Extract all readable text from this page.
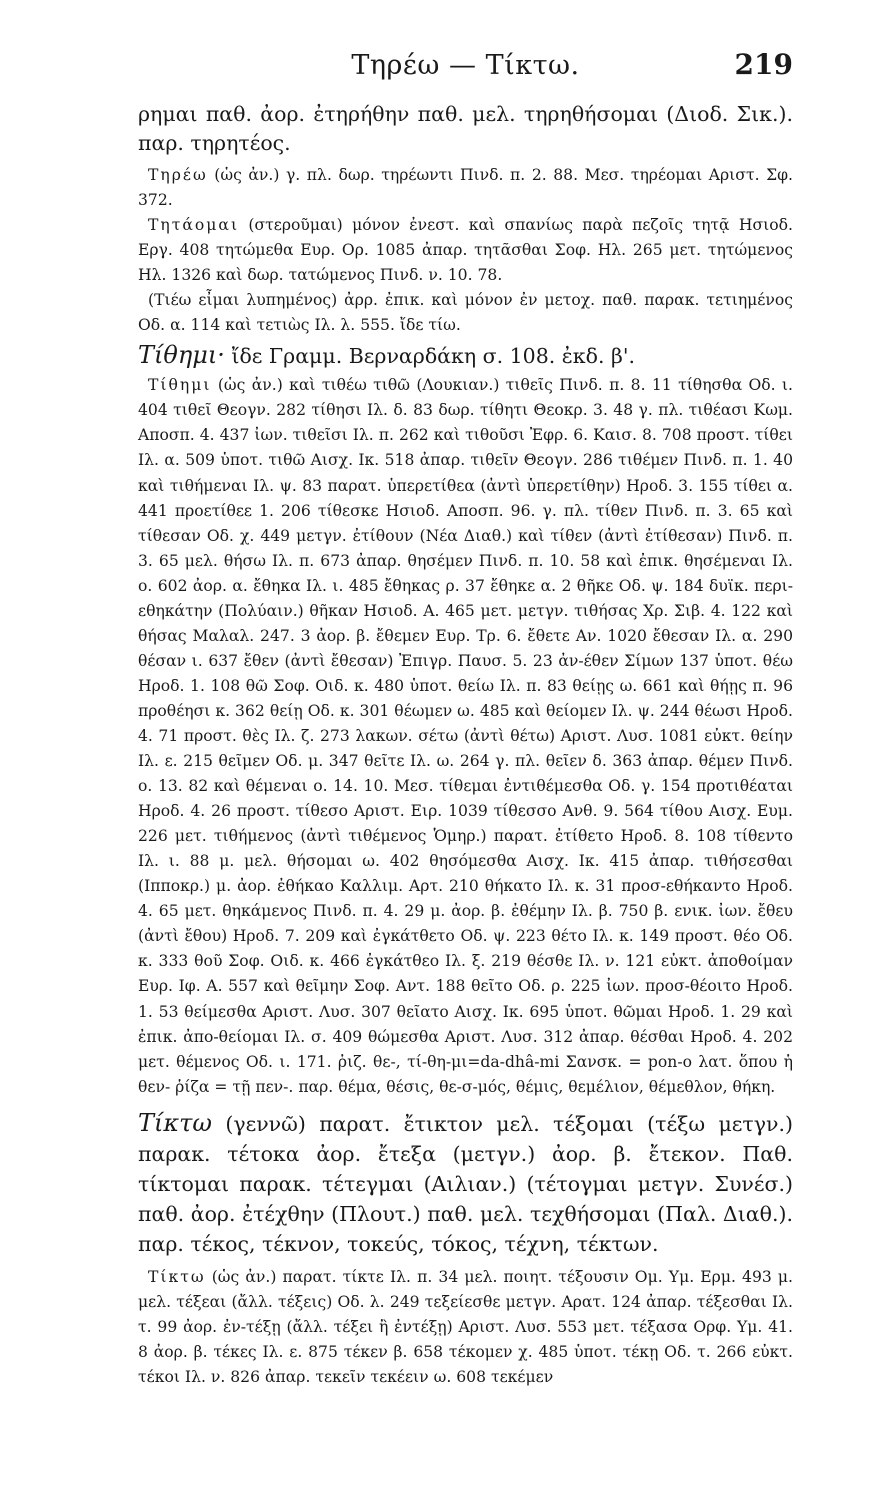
Τηρέω — Τίκτω.	219

ρημαι παθ. ἀορ. ἐτηρήθην παθ. μελ. τηρηθήσομαι (Διοδ. Σικ.). παρ. τηρητέος.

Τηρέω (ὡς ἀν.) γ. πλ. δωρ. τηρέωντι Πινδ. π. 2. 88. Μεσ. τηρέομαι Αριστ. Σφ. 372.

Τητάομαι (στεροῦμαι) μόνον ἐνεστ. καὶ σπανίως παρὰ πεζοῖς τητᾷ Ησιοδ. Εργ. 408 τητώμεθα Ευρ. Ορ. 1085 ἀπαρ. τητᾶσθαι Σοφ. Ηλ. 265 μετ. τητώμενος Ηλ. 1326 καὶ δωρ. τατώμενος Πινδ. ν. 10. 78.

(Τιέω εἶμαι λυπημένος) ἀρρ. ἐπικ. καὶ μόνον ἐν μετοχ. παθ. παρακ. τετιημένος Οδ. α. 114 καὶ τετιὼς Ιλ. λ. 555. ἴδε τίω.

Τίθημι· ἴδε Γραμμ. Βερναρδάκη σ. 108. ἐκδ. β'.

Τίθημι (ὡς ἀν.) καὶ τιθέω τιθῶ (Λουκιαν.) τιθεῖς Πινδ. π. 8. 11 τίθησθα Οδ. ι. 404 τιθεῖ Θεογν. 282 τίθησι Ιλ. δ. 83 δωρ. τίθητι Θεοκρ. 3. 48 γ. πλ. τιθέασι Κωμ. Αποσπ. 4. 437 ἰων. τιθεῖσι Ιλ. π. 262 καὶ τιθοῦσι Ἐφρ. 6. Καισ. 8. 708 προστ. τίθει Ιλ. α. 509 ὑποτ. τιθῶ Αισχ. Ικ. 518 ἀπαρ. τιθεῖν Θεογν. 286 τιθέμεν Πινδ. π. 1. 40 καὶ τιθήμεναι Ιλ. ψ. 83 παρατ. ὑπερετίθεα (ἀντὶ ὑπερετίθην) Ηροδ. 3. 155 τίθει α. 441 προετίθεε 1. 206 τίθεσκε Ησιοδ. Αποσπ. 96. γ. πλ. τίθεν Πινδ. π. 3. 65 καὶ τίθεσαν Οδ. χ. 449 μετγν. ἐτίθουν (Νέα Διαθ.) καὶ τίθεν (ἀντὶ ἐτίθεσαν) Πινδ. π. 3. 65 μελ. θήσω Ιλ. π. 673 ἀπαρ. θησέμεν Πινδ. π. 10. 58 καὶ ἐπικ. θησέμεναι Ιλ. ο. 602 ἀορ. α. ἔθηκα Ιλ. ι. 485 ἔθηκας ρ. 37 ἔθηκε α. 2 θῆκε Οδ. ψ. 184 δυϊκ. περι-εθηκάτην (Πολύαιν.) θῆκαν Ησιοδ. Α. 465 μετ. μετγν. τιθήσας Χρ. Σιβ. 4. 122 καὶ θήσας Μαλαλ. 247. 3 ἀορ. β. ἔθεμεν Ευρ. Τρ. 6. ἔθετε Αν. 1020 ἔθεσαν Ιλ. α. 290 θέσαν ι. 637 ἔθεν (ἀντὶ ἔθεσαν) Ἐπιγρ. Παυσ. 5. 23 ἀν-έθεν Σίμων 137 ὑποτ. θέω Ηροδ. 1. 108 θῶ Σοφ. Οιδ. κ. 480 ὑποτ. θείω Ιλ. π. 83 θείῃς ω. 661 καὶ θήῃς π. 96 προθέησι κ. 362 θείῃ Οδ. κ. 301 θέωμεν ω. 485 καὶ θείομεν Ιλ. ψ. 244 θέωσι Ηροδ. 4. 71 προστ. θὲς Ιλ. ζ. 273 λακων. σέτω (ἀντὶ θέτω) Αριστ. Λυσ. 1081 εὐκτ. θείην Ιλ. ε. 215 θεῖμεν Οδ. μ. 347 θεῖτε Ιλ. ω. 264 γ. πλ. θεῖεν δ. 363 ἀπαρ. θέμεν Πινδ. ο. 13. 82 καὶ θέμεναι ο. 14. 10. Μεσ. τίθεμαι ἐντιθέμεσθα Οδ. γ. 154 προτιθέαται Ηροδ. 4. 26 προστ. τίθεσο Αριστ. Ειρ. 1039 τίθεσσο Ανθ. 9. 564 τίθου Αισχ. Ευμ. 226 μετ. τιθήμενος (ἀντὶ τιθέμενος Ὁμηρ.) παρατ. ἐτίθετο Ηροδ. 8. 108 τίθεντο Ιλ. ι. 88 μ. μελ. θήσομαι ω. 402 θησόμεσθα Αισχ. Ικ. 415 ἀπαρ. τιθήσεσθαι (Ιπποκρ.) μ. ἀορ. ἐθήκαο Καλλιμ. Αρτ. 210 θήκατο Ιλ. κ. 31 προσ-εθήκαντο Ηροδ. 4. 65 μετ. θηκάμενος Πινδ. π. 4. 29 μ. ἀορ. β. ἐθέμην Ιλ. β. 750 β. ενικ. ἰων. ἔθευ (ἀντὶ ἔθου) Ηροδ. 7. 209 καὶ ἐγκάτθετο Οδ. ψ. 223 θέτο Ιλ. κ. 149 προστ. θέο Οδ. κ. 333 θοῦ Σοφ. Οιδ. κ. 466 ἐγκάτθεο Ιλ. ξ. 219 θέσθε Ιλ. ν. 121 εὐκτ. ἀποθοίμαν Ευρ. Ιφ. Α. 557 καὶ θεῖμην Σοφ. Αντ. 188 θεῖτο Οδ. ρ. 225 ἰων. προσ-θέοιτο Ηροδ. 1. 53 θείμεσθα Αριστ. Λυσ. 307 θεῖατο Αισχ. Ικ. 695 ὑποτ. θῶμαι Ηροδ. 1. 29 καὶ ἐπικ. ἀπο-θείομαι Ιλ. σ. 409 θώμεσθα Αριστ. Λυσ. 312 ἀπαρ. θέσθαι Ηροδ. 4. 202 μετ. θέμενος Οδ. ι. 171. ῥιζ. θε-, τί-θη-μι=da-dhâ-mi Σανσκ. = pon-o λατ. ὅπου ἡ θεν- ῥίζα = τῇ πεν-. παρ. θέμα, θέσις, θε-σ-μός, θέμις, θεμέλιον, θέμεθλον, θήκη.

Τίκτω (γεννῶ) παρατ. ἔτικτον μελ. τέξομαι (τέξω μετγν.) παρακ. τέτοκα ἀορ. ἔτεξα (μετγν.) ἀορ. β. ἔτεκον. Παθ. τίκτομαι παρακ. τέτεγμαι (Αιλιαν.) (τέτογμαι μετγν. Συνέσ.) παθ. ἀορ. ἐτέχθην (Πλουτ.) παθ. μελ. τεχθήσομαι (Παλ. Διαθ.). παρ. τέκος, τέκνον, τοκεύς, τόκος, τέχνη, τέκτων.

Τίκτω (ὡς ἀν.) παρατ. τίκτε Ιλ. π. 34 μελ. ποιητ. τέξουσιν Ομ. Υμ. Ερμ. 493 μ. μελ. τέξεαι (ἄλλ. τέξεις) Οδ. λ. 249 τεξείεσθε μετγν. Αρατ. 124 ἀπαρ. τέξεσθαι Ιλ. τ. 99 ἀορ. ἐν-τέξῃ (ἄλλ. τέξει ἢ ἐντέξῃ) Αριστ. Λυσ. 553 μετ. τέξασα Ορφ. Υμ. 41. 8 ἀορ. β. τέκες Ιλ. ε. 875 τέκεν β. 658 τέκομεν χ. 485 ὑποτ. τέκῃ Οδ. τ. 266 εὐκτ. τέκοι Ιλ. ν. 826 ἀπαρ. τεκεῖν τεκέειν ω. 608 τεκέμεν
